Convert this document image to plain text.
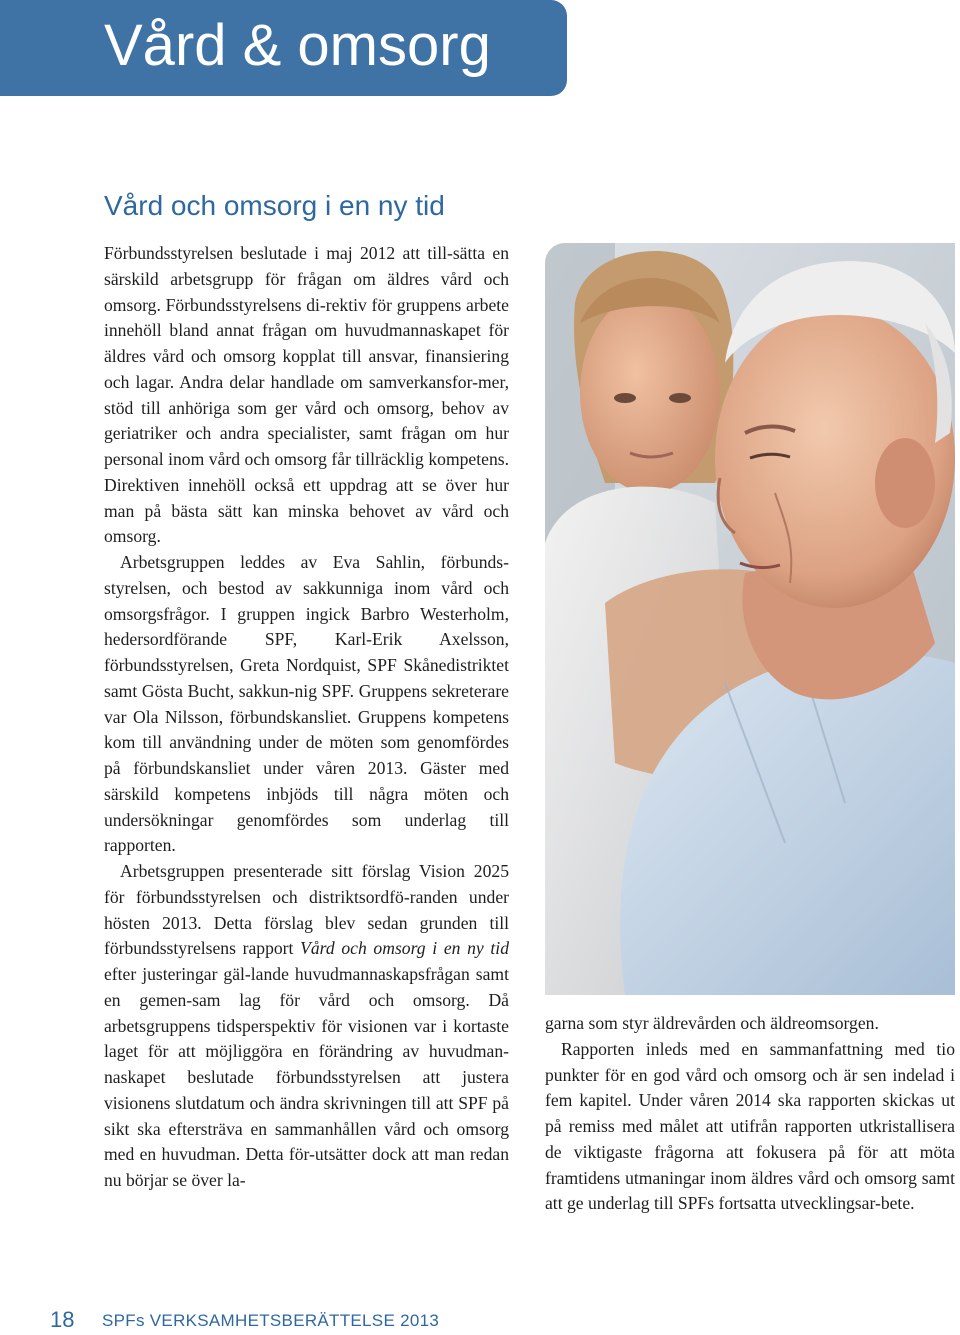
Vård & omsorg
Vård och omsorg i en ny tid

Förbundsstyrelsen beslutade i maj 2012 att till-sätta en särskild arbetsgrupp för frågan om äldres vård och omsorg. Förbundsstyrelsens di-rektiv för gruppens arbete innehöll bland annat frågan om huvudmannaskapet för äldres vård och omsorg kopplat till ansvar, finansiering och lagar. Andra delar handlade om samverkansfor-mer, stöd till anhöriga som ger vård och omsorg, behov av geriatriker och andra specialister, samt frågan om hur personal inom vård och omsorg får tillräcklig kompetens. Direktiven innehöll också ett uppdrag att se över hur man på bästa sätt kan minska behovet av vård och omsorg.

Arbetsgruppen leddes av Eva Sahlin, förbunds-styrelsen, och bestod av sakkunniga inom vård och omsorgsfrågor. I gruppen ingick Barbro Westerholm, hedersordförande SPF, Karl-Erik Axelsson, förbundsstyrelsen, Greta Nordquist, SPF Skånedistriktet samt Gösta Bucht, sakkun-nig SPF. Gruppens sekreterare var Ola Nilsson, förbundskansliet. Gruppens kompetens kom till användning under de möten som genomfördes på förbundskansliet under våren 2013. Gäster med särskild kompetens inbjöds till några möten och undersökningar genomfördes som underlag till rapporten.

Arbetsgruppen presenterade sitt förslag Vision 2025 för förbundsstyrelsen och distriktsordfö-randen under hösten 2013. Detta förslag blev sedan grunden till förbundsstyrelsens rapport Vård och omsorg i en ny tid efter justeringar gäl-lande huvudmannaskapsfrågan samt en gemen-sam lag för vård och omsorg. Då arbetsgruppens tidsperspektiv för visionen var i kortaste laget för att möjliggöra en förändring av huvudman-naskapet beslutade förbundsstyrelsen att justera visionens slutdatum och ändra skrivningen till att SPF på sikt ska eftersträva en sammanhållen vård och omsorg med en huvudman. Detta för-utsätter dock att man redan nu börjar se över la-

garna som styr äldrevården och äldreomsorgen.

Rapporten inleds med en sammanfattning med tio punkter för en god vård och omsorg och är sen indelad i fem kapitel. Under våren 2014 ska rapporten skickas ut på remiss med målet att utifrån rapporten utkristallisera de viktigaste frågorna att fokusera på för att möta framtidens utmaningar inom äldres vård och omsorg samt att ge underlag till SPFs fortsatta utvecklingsar-bete.

18 SPFs VERKSAMHETSBERÄTTELSE 2013
